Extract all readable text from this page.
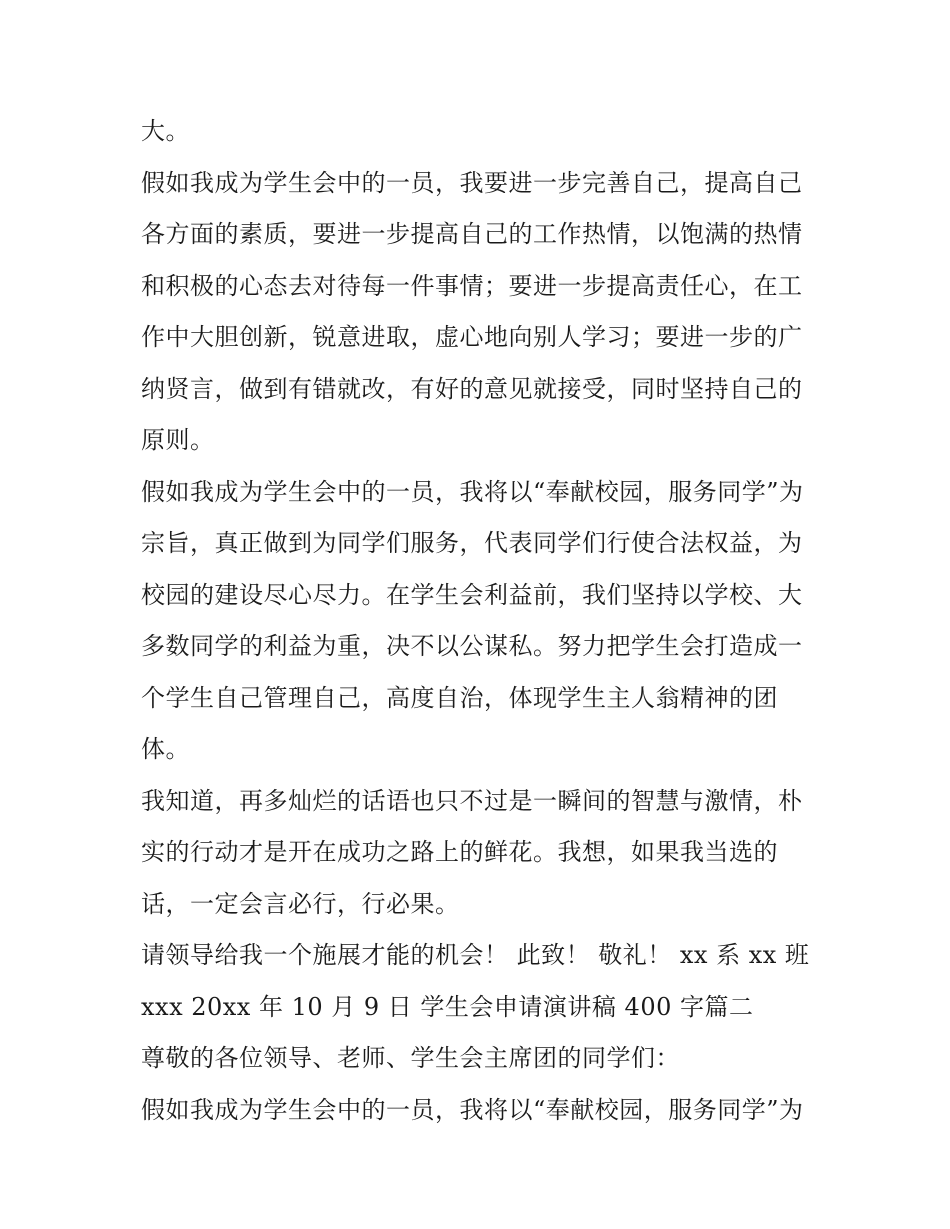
大。
假如我成为学生会中的一员，我要进一步完善自己，提高自己
各方面的素质，要进一步提高自己的工作热情，以饱满的热情
和积极的心态去对待每一件事情；要进一步提高责任心，在工
作中大胆创新，锐意进取，虚心地向别人学习；要进一步的广
纳贤言，做到有错就改，有好的意见就接受，同时坚持自己的
原则。
假如我成为学生会中的一员，我将以“奉献校园，服务同学”为
宗旨，真正做到为同学们服务，代表同学们行使合法权益，为
校园的建设尽心尽力。在学生会利益前，我们坚持以学校、大
多数同学的利益为重，决不以公谋私。努力把学生会打造成一
个学生自己管理自己，高度自治，体现学生主人翁精神的团
体。
我知道，再多灿烂的话语也只不过是一瞬间的智慧与激情，朴
实的行动才是开在成功之路上的鲜花。我想，如果我当选的
话，一定会言必行，行必果。
请领导给我一个施展才能的机会！ 此致！ 敬礼！ xx 系 xx 班
xxx 20xx 年 10 月 9 日 学生会申请演讲稿 400 字篇二
尊敬的各位领导、老师、学生会主席团的同学们：
假如我成为学生会中的一员，我将以“奉献校园，服务同学”为
